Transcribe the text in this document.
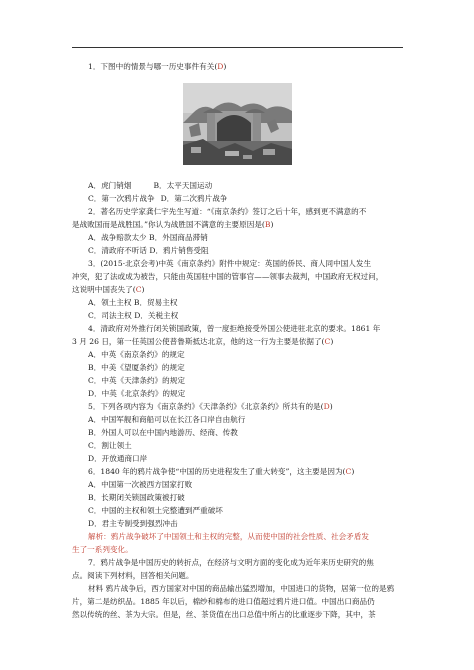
1．下图中的情景与哪一历史事件有关(D)
A．虎门销烟	B．太平天国运动
C．第一次鸦片战争 D．第二次鸦片战争
2．著名历史学家龚仁宇先生写道：“《南京条约》签订之后十年，感到更不满意的不
是战败国而是战胜国。”你认为战胜国不满意的主要原因是(B)
A．战争赔款太少 B．外国商品滞销
C．清政府不听话 D．鸦片销售受阻
3．(2015·北京会考)中英《南京条约》附件中规定：英国的侨民、商人同中国人发生
冲突，犯了法或成为被告，只能由英国驻中国的管事官——领事去裁判，中国政府无权过问，
这说明中国丧失了(C)
A．领土主权 B．贸易主权
C．司法主权 D．关税主权
4．清政府对外推行闭关锁国政策，曾一度拒绝接受外国公使进驻北京的要求。1861 年
3 月 26 日，第一任英国公使普鲁斯抵达北京，他的这一行为主要是依据了(C)
A．中英《南京条约》的规定
B．中美《望厦条约》的规定
C．中英《天津条约》的规定
D．中英《北京条约》的规定
5．下列各项内容为《南京条约》《天津条约》《北京条约》所共有的是(D)
A．中国军舰和商船可以在长江各口岸自由航行
B．外国人可以在中国内地游历、经商、传教
C．割让领土
D．开放通商口岸
6．1840 年的鸦片战争使“中国的历史进程发生了重大转变”，这主要是因为(C)
A．中国第一次被西方国家打败
B．长期闭关锁国政策被打破
C．中国的主权和领土完整遭到严重破坏
D．君主专制受到强烈冲击
解析：鸦片战争破坏了中国领土和主权的完整，从而使中国的社会性质、社会矛盾发
生了一系列变化。
7．鸦片战争是中国历史的转折点，在经济与文明方面的变化成为近年来历史研究的焦
点。阅读下列材料，回答相关问题。
材料 鸦片战争后，西方国家对中国的商品输出猛烈增加，中国进口的货物，居第一位的是鸦
片，第二是纺织品。1885 年以后，棉纱和棉布的进口值超过鸦片进口值。中国出口商品仍
然以传统的丝、茶为大宗。但是，丝、茶货值在出口总值中所占的比重逐步下降，其中，茶
